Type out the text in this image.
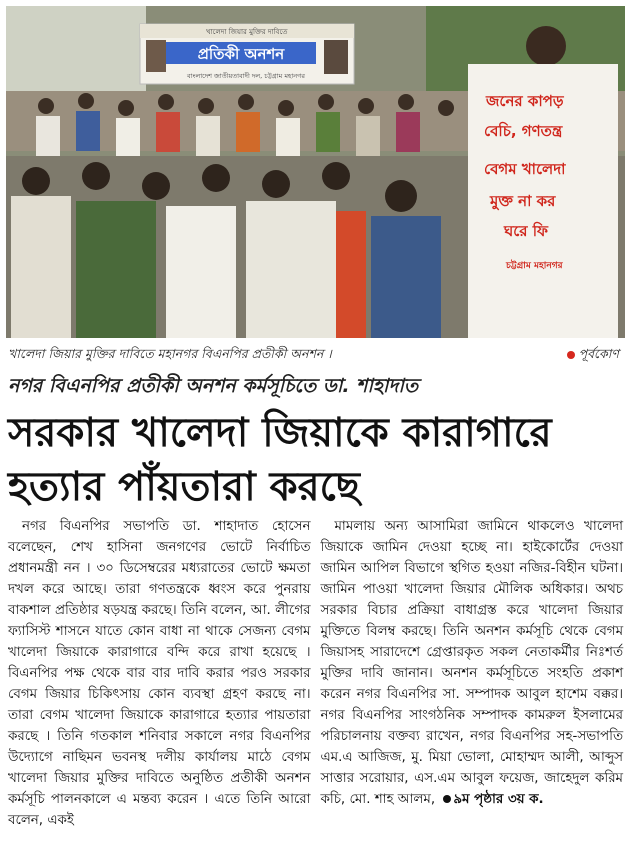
খালেদা জিয়ার মুক্তির দাবিতে
প্রতিকী অনশন
বাংলাদেশ জাতীয়তাবাদী দল, চট্টগ্রাম মহানগর
জনের কাপড়
বেচি, গণতন্ত্র
বেগম খালেদা
মুক্ত না কর
ঘরে ফি
চট্টগ্রাম মহানগর
খালেদা জিয়ার মুক্তির দাবিতে মহানগর বিএনপির প্রতীকী অনশন ।	পূর্বকোণ
নগর বিএনপির প্রতীকী অনশন কর্মসূচিতে ডা. শাহাদাত
সরকার খালেদা জিয়াকে কারাগারে
হত্যার পাঁয়তারা করছে

নগর বিএনপির সভাপতি ডা. শাহাদাত হোসেন বলেছেন, শেখ হাসিনা জনগণের ভোটে নির্বাচিত প্রধানমন্ত্রী নন । ৩০ ডিসেম্বরের মধ্যরাতের ভোটে ক্ষমতা দখল করে আছে। তারা গণতন্ত্রকে ধ্বংস করে পুনরায় বাকশাল প্রতিষ্ঠার ষড়যন্ত্র করছে। তিনি বলেন, আ. লীগের ফ্যাসিস্ট শাসনে যাতে কোন বাধা না থাকে সেজন্য বেগম খালেদা জিয়াকে কারাগারে বন্দি করে রাখা হয়েছে । বিএনপির পক্ষ থেকে বার বার দাবি করার পরও সরকার বেগম জিয়ার চিকিৎসায় কোন ব্যবস্থা গ্রহণ করছে না। তারা বেগম খালেদা জিয়াকে কারাগারে হত্যার পায়তারা করছে । তিনি গতকাল শনিবার সকালে নগর বিএনপির উদ্যোগে নাছিমন ভবনস্থ দলীয় কার্যালয় মাঠে বেগম খালেদা জিয়ার মুক্তির দাবিতে অনুষ্ঠিত প্রতীকী অনশন কর্মসূচি পালনকালে এ মন্তব্য করেন । এতে তিনি আরো বলেন, একই

মামলায় অন্য আসামিরা জামিনে থাকলেও খালেদা জিয়াকে জামিন দেওয়া হচ্ছে না। হাইকোর্টের দেওয়া জামিন আপিল বিভাগে স্থগিত হওয়া নজির-বিহীন ঘটনা। জামিন পাওয়া খালেদা জিয়ার মৌলিক অধিকার। অথচ সরকার বিচার প্রক্রিয়া বাধাগ্রস্ত করে খালেদা জিয়ার মুক্তিতে বিলম্ব করছে। তিনি অনশন কর্মসূচি থেকে বেগম জিয়াসহ সারাদেশে গ্রেপ্তারকৃত সকল নেতাকর্মীর নিঃশর্ত মুক্তির দাবি জানান। অনশন কর্মসূচিতে সংহতি প্রকাশ করেন নগর বিএনপির সা. সম্পাদক আবুল হাশেম বক্কর। নগর বিএনপির সাংগঠনিক সম্পাদক কামরুল ইসলামের পরিচালনায় বক্তব্য রাখেন, নগর বিএনপির সহ-সভাপতি এম.এ আজিজ, মু. মিয়া ভোলা, মোহাম্মদ আলী, আব্দুস সাত্তার সরোয়ার, এস.এম আবুল ফয়েজ, জাহেদুল করিম কচি, মো. শাহ আলম, ৯ম পৃষ্ঠার ৩য় ক.
